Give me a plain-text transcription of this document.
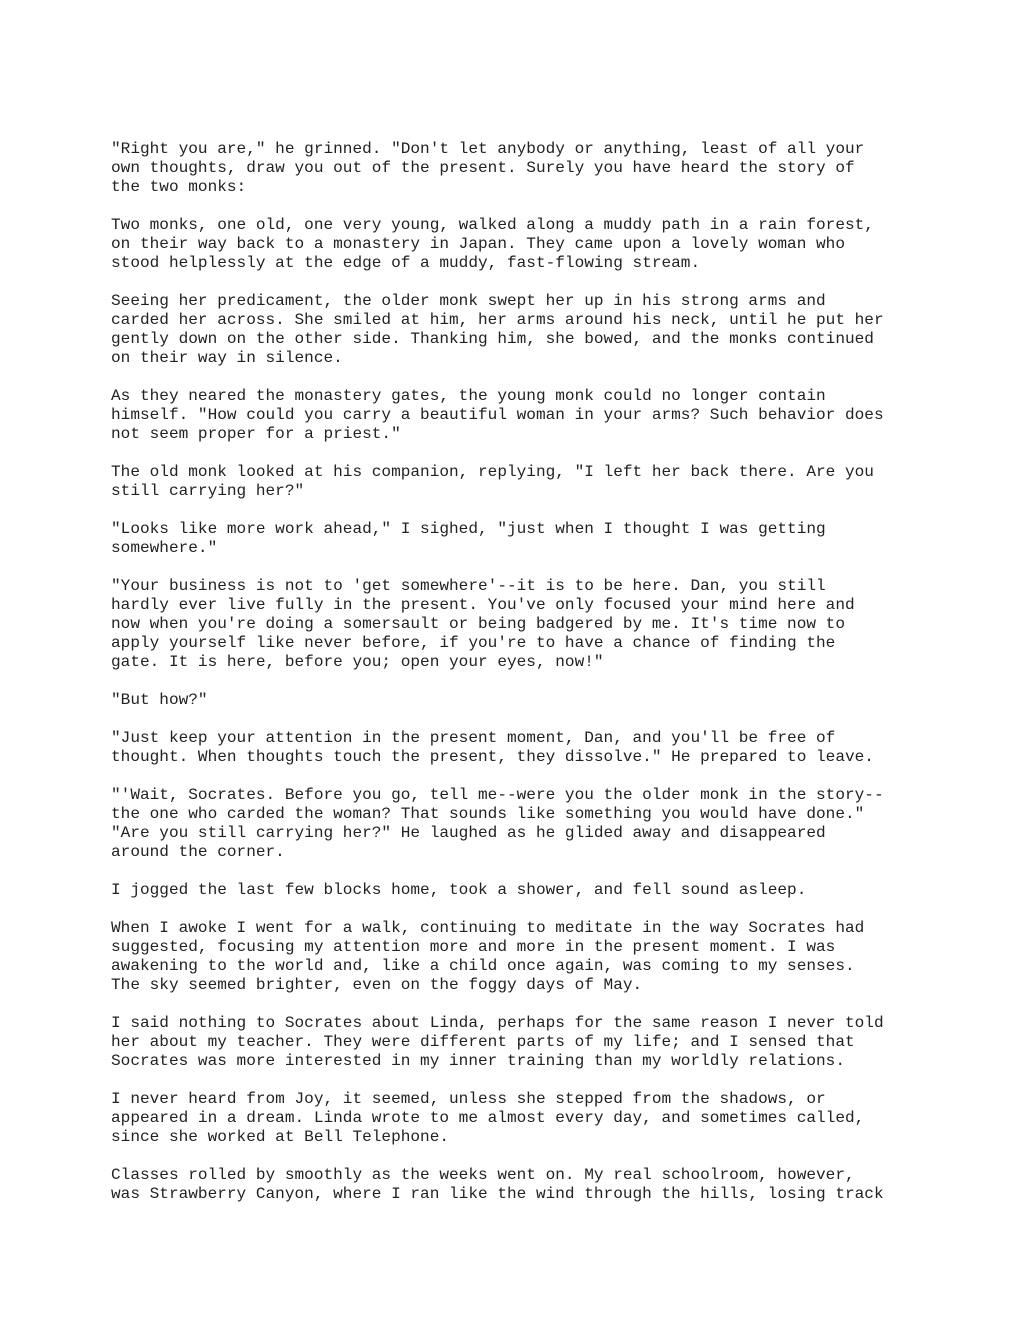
"Right you are," he grinned. "Don't let anybody or anything, least of all your
own thoughts, draw you out of the present. Surely you have heard the story of
the two monks:

Two monks, one old, one very young, walked along a muddy path in a rain forest,
on their way back to a monastery in Japan. They came upon a lovely woman who
stood helplessly at the edge of a muddy, fast-flowing stream.

Seeing her predicament, the older monk swept her up in his strong arms and
carded her across. She smiled at him, her arms around his neck, until he put her
gently down on the other side. Thanking him, she bowed, and the monks continued
on their way in silence.

As they neared the monastery gates, the young monk could no longer contain
himself. "How could you carry a beautiful woman in your arms? Such behavior does
not seem proper for a priest."

The old monk looked at his companion, replying, "I left her back there. Are you
still carrying her?"

"Looks like more work ahead," I sighed, "just when I thought I was getting
somewhere."

"Your business is not to 'get somewhere'--it is to be here. Dan, you still
hardly ever live fully in the present. You've only focused your mind here and
now when you're doing a somersault or being badgered by me. It's time now to
apply yourself like never before, if you're to have a chance of finding the
gate. It is here, before you; open your eyes, now!"

"But how?"

"Just keep your attention in the present moment, Dan, and you'll be free of
thought. When thoughts touch the present, they dissolve." He prepared to leave.

"'Wait, Socrates. Before you go, tell me--were you the older monk in the story--
the one who carded the woman? That sounds like something you would have done."
"Are you still carrying her?" He laughed as he glided away and disappeared
around the corner.

I jogged the last few blocks home, took a shower, and fell sound asleep.

When I awoke I went for a walk, continuing to meditate in the way Socrates had
suggested, focusing my attention more and more in the present moment. I was
awakening to the world and, like a child once again, was coming to my senses.
The sky seemed brighter, even on the foggy days of May.

I said nothing to Socrates about Linda, perhaps for the same reason I never told
her about my teacher. They were different parts of my life; and I sensed that
Socrates was more interested in my inner training than my worldly relations.

I never heard from Joy, it seemed, unless she stepped from the shadows, or
appeared in a dream. Linda wrote to me almost every day, and sometimes called,
since she worked at Bell Telephone.

Classes rolled by smoothly as the weeks went on. My real schoolroom, however,
was Strawberry Canyon, where I ran like the wind through the hills, losing track
